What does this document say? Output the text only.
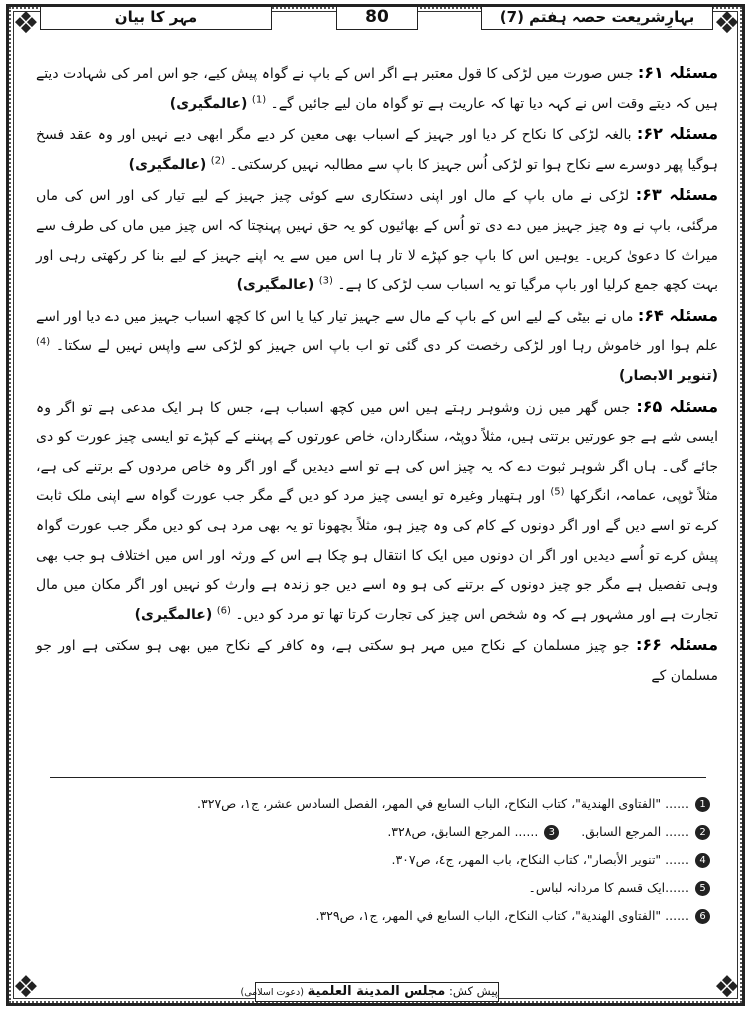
❖	❖
❖	❖
بہارِشریعت حصہ ہفتم (7)
80
مہر کا بیان

مسئلہ ۶۱: جس صورت میں لڑکی کا قول معتبر ہے اگر اس کے باپ نے گواہ پیش کیے، جو اس امر کی شہادت دیتے ہیں کہ دیتے وقت اس نے کہہ دیا تھا کہ عاریت ہے تو گواہ مان لیے جائیں گے۔ $^{(1)}$ (عالمگیری)

مسئلہ ۶۲: بالغہ لڑکی کا نکاح کر دیا اور جہیز کے اسباب بھی معین کر دیے مگر ابھی دیے نہیں اور وہ عقد فسخ ہوگیا پھر دوسرے سے نکاح ہوا تو لڑکی اُس جہیز کا باپ سے مطالبہ نہیں کرسکتی۔ $^{(2)}$ (عالمگیری)

مسئلہ ۶۳: لڑکی نے ماں باپ کے مال اور اپنی دستکاری سے کوئی چیز جہیز کے لیے تیار کی اور اس کی ماں مرگئی، باپ نے وہ چیز جہیز میں دے دی تو اُس کے بھائیوں کو یہ حق نہیں پہنچتا کہ اس چیز میں ماں کی طرف سے میراث کا دعویٰ کریں۔ یوہیں اس کا باپ جو کپڑے لا تار ہا اس میں سے یہ اپنے جہیز کے لیے بنا کر رکھتی رہی اور بہت کچھ جمع کرلیا اور باپ مرگیا تو یہ اسباب سب لڑکی کا ہے۔ $^{(3)}$ (عالمگیری)

مسئلہ ۶۴: ماں نے بیٹی کے لیے اس کے باپ کے مال سے جہیز تیار کیا یا اس کا کچھ اسباب جہیز میں دے دیا اور اسے علم ہوا اور خاموش رہا اور لڑکی رخصت کر دی گئی تو اب باپ اس جہیز کو لڑکی سے واپس نہیں لے سکتا۔ $^{(4)}$ (تنویر الابصار)

مسئلہ ۶۵: جس گھر میں زن وشوہر رہتے ہیں اس میں کچھ اسباب ہے، جس کا ہر ایک مدعی ہے تو اگر وہ ایسی شے ہے جو عورتیں برتتی ہیں، مثلاً دوپٹہ، سنگاردان، خاص عورتوں کے پہننے کے کپڑے تو ایسی چیز عورت کو دی جائے گی۔ ہاں اگر شوہر ثبوت دے کہ یہ چیز اس کی ہے تو اسے دیدیں گے اور اگر وہ خاص مردوں کے برتنے کی ہے، مثلاً ٹوپی، عمامہ، انگرکھا $^{(5)}$ اور ہتھیار وغیرہ تو ایسی چیز مرد کو دیں گے مگر جب عورت گواہ سے اپنی ملک ثابت کرے تو اسے دیں گے اور اگر دونوں کے کام کی وہ چیز ہو، مثلاً بچھونا تو یہ بھی مرد ہی کو دیں مگر جب عورت گواہ پیش کرے تو اُسے دیدیں اور اگر ان دونوں میں ایک کا انتقال ہو چکا ہے اس کے ورثہ اور اس میں اختلاف ہو جب بھی وہی تفصیل ہے مگر جو چیز دونوں کے برتنے کی ہو وہ اسے دیں جو زندہ ہے وارث کو نہیں اور اگر مکان میں مال تجارت ہے اور مشہور ہے کہ وہ شخص اس چیز کی تجارت کرتا تھا تو مرد کو دیں۔ $^{(6)}$ (عالمگیری)

مسئلہ ۶۶: جو چیز مسلمان کے نکاح میں مہر ہو سکتی ہے، وہ کافر کے نکاح میں بھی ہو سکتی ہے اور جو مسلمان کے

1
...... "الفتاوى الهندية"، كتاب النكاح، الباب السابع في المهر، الفصل السادس عشر، ج١، ص٣٢٧.
2
...... المرجع السابق.
3
...... المرجع السابق، ص٣٢٨.
4
...... "تنوير الأبصار"، كتاب النكاح، باب المهر، ج٤، ص٣٠٧.
5
......ایک قسم کا مردانہ لباس۔
6
...... "الفتاوى الهندية"، كتاب النكاح، الباب السابع في المهر، ج١، ص٣٢٩.
پیش کش: مجلس المدينة العلمية (دعوت اسلامی)
